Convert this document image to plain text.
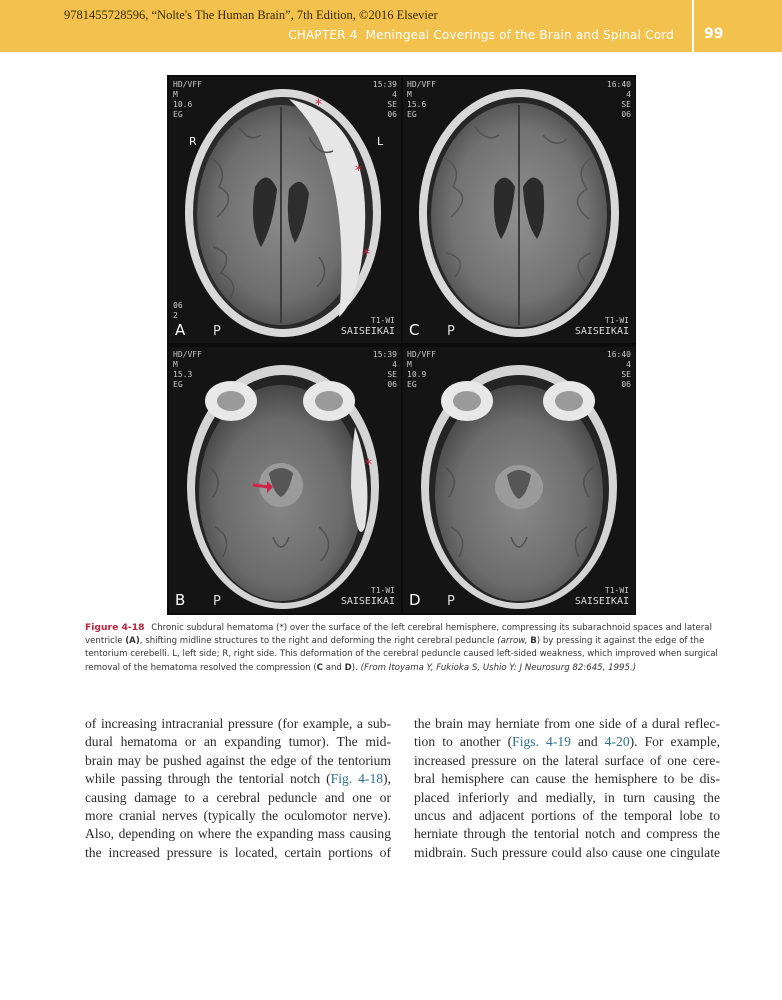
9781455728596, “Nolte's The Human Brain”, 7th Edition, ©2016 Elsevier
CHAPTER 4 Meningeal Coverings of the Brain and Spinal Cord 99
HD/VFF
M
10.6
EG
15:39
4
SE
06
R	L
*
*
*
06
2
T1-WI
A P	SAISEIKAI
HD/VFF
M
15.6
EG
16:40
4
SE
06
T1-WI
C P	SAISEIKAI
HD/VFF
M
15.3
EG
15:39
4
SE
06
*
T1-WI
B P	SAISEIKAI
HD/VFF
M
10.9
EG
16:40
4
SE
06
T1-WI
D P	SAISEIKAI
Figure 4-18 Chronic subdural hematoma (*) over the surface of the left cerebral hemisphere, compressing its subarachnoid spaces and lateral ventricle (A), shifting midline structures to the right and deforming the right cerebral peduncle (arrow, B) by pressing it against the edge of the tentorium cerebelli. L, left side; R, right side. This deformation of the cerebral peduncle caused left-sided weakness, which improved when surgical removal of the hematoma resolved the compression (C and D). (From Itoyama Y, Fukioka S, Ushio Y: J Neurosurg 82:645, 1995.)
of increasing intracranial pressure (for example, a sub-
dural hematoma or an expanding tumor). The mid-
brain may be pushed against the edge of the tentorium
while passing through the tentorial notch (Fig. 4-18),
causing damage to a cerebral peduncle and one or
more cranial nerves (typically the oculomotor nerve).
Also, depending on where the expanding mass causing
the increased pressure is located, certain portions of
the brain may herniate from one side of a dural reflec-
tion to another (Figs. 4-19 and 4-20). For example,
increased pressure on the lateral surface of one cere-
bral hemisphere can cause the hemisphere to be dis-
placed inferiorly and medially, in turn causing the
uncus and adjacent portions of the temporal lobe to
herniate through the tentorial notch and compress the
midbrain. Such pressure could also cause one cingulate
